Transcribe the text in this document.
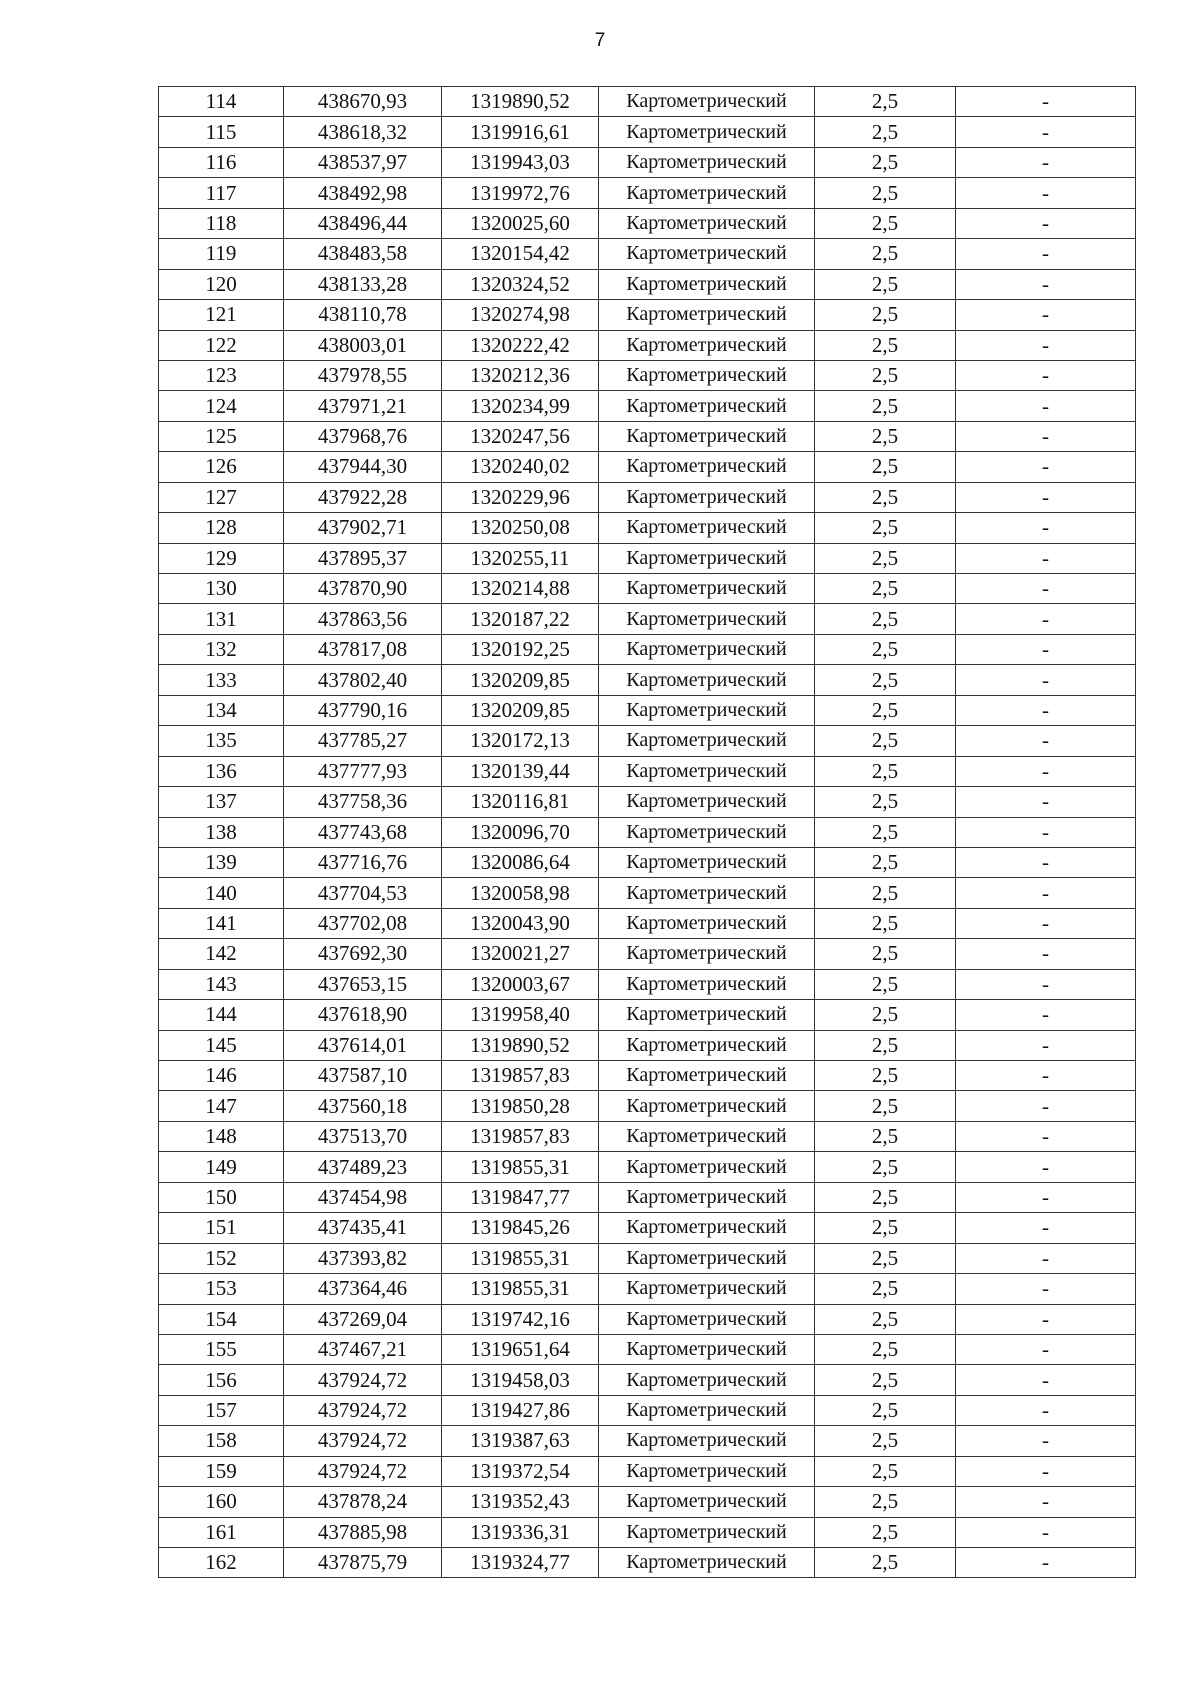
7
114	438670,93	1319890,52	Картометрический	2,5	-
115	438618,32	1319916,61	Картометрический	2,5	-
116	438537,97	1319943,03	Картометрический	2,5	-
117	438492,98	1319972,76	Картометрический	2,5	-
118	438496,44	1320025,60	Картометрический	2,5	-
119	438483,58	1320154,42	Картометрический	2,5	-
120	438133,28	1320324,52	Картометрический	2,5	-
121	438110,78	1320274,98	Картометрический	2,5	-
122	438003,01	1320222,42	Картометрический	2,5	-
123	437978,55	1320212,36	Картометрический	2,5	-
124	437971,21	1320234,99	Картометрический	2,5	-
125	437968,76	1320247,56	Картометрический	2,5	-
126	437944,30	1320240,02	Картометрический	2,5	-
127	437922,28	1320229,96	Картометрический	2,5	-
128	437902,71	1320250,08	Картометрический	2,5	-
129	437895,37	1320255,11	Картометрический	2,5	-
130	437870,90	1320214,88	Картометрический	2,5	-
131	437863,56	1320187,22	Картометрический	2,5	-
132	437817,08	1320192,25	Картометрический	2,5	-
133	437802,40	1320209,85	Картометрический	2,5	-
134	437790,16	1320209,85	Картометрический	2,5	-
135	437785,27	1320172,13	Картометрический	2,5	-
136	437777,93	1320139,44	Картометрический	2,5	-
137	437758,36	1320116,81	Картометрический	2,5	-
138	437743,68	1320096,70	Картометрический	2,5	-
139	437716,76	1320086,64	Картометрический	2,5	-
140	437704,53	1320058,98	Картометрический	2,5	-
141	437702,08	1320043,90	Картометрический	2,5	-
142	437692,30	1320021,27	Картометрический	2,5	-
143	437653,15	1320003,67	Картометрический	2,5	-
144	437618,90	1319958,40	Картометрический	2,5	-
145	437614,01	1319890,52	Картометрический	2,5	-
146	437587,10	1319857,83	Картометрический	2,5	-
147	437560,18	1319850,28	Картометрический	2,5	-
148	437513,70	1319857,83	Картометрический	2,5	-
149	437489,23	1319855,31	Картометрический	2,5	-
150	437454,98	1319847,77	Картометрический	2,5	-
151	437435,41	1319845,26	Картометрический	2,5	-
152	437393,82	1319855,31	Картометрический	2,5	-
153	437364,46	1319855,31	Картометрический	2,5	-
154	437269,04	1319742,16	Картометрический	2,5	-
155	437467,21	1319651,64	Картометрический	2,5	-
156	437924,72	1319458,03	Картометрический	2,5	-
157	437924,72	1319427,86	Картометрический	2,5	-
158	437924,72	1319387,63	Картометрический	2,5	-
159	437924,72	1319372,54	Картометрический	2,5	-
160	437878,24	1319352,43	Картометрический	2,5	-
161	437885,98	1319336,31	Картометрический	2,5	-
162	437875,79	1319324,77	Картометрический	2,5	-
